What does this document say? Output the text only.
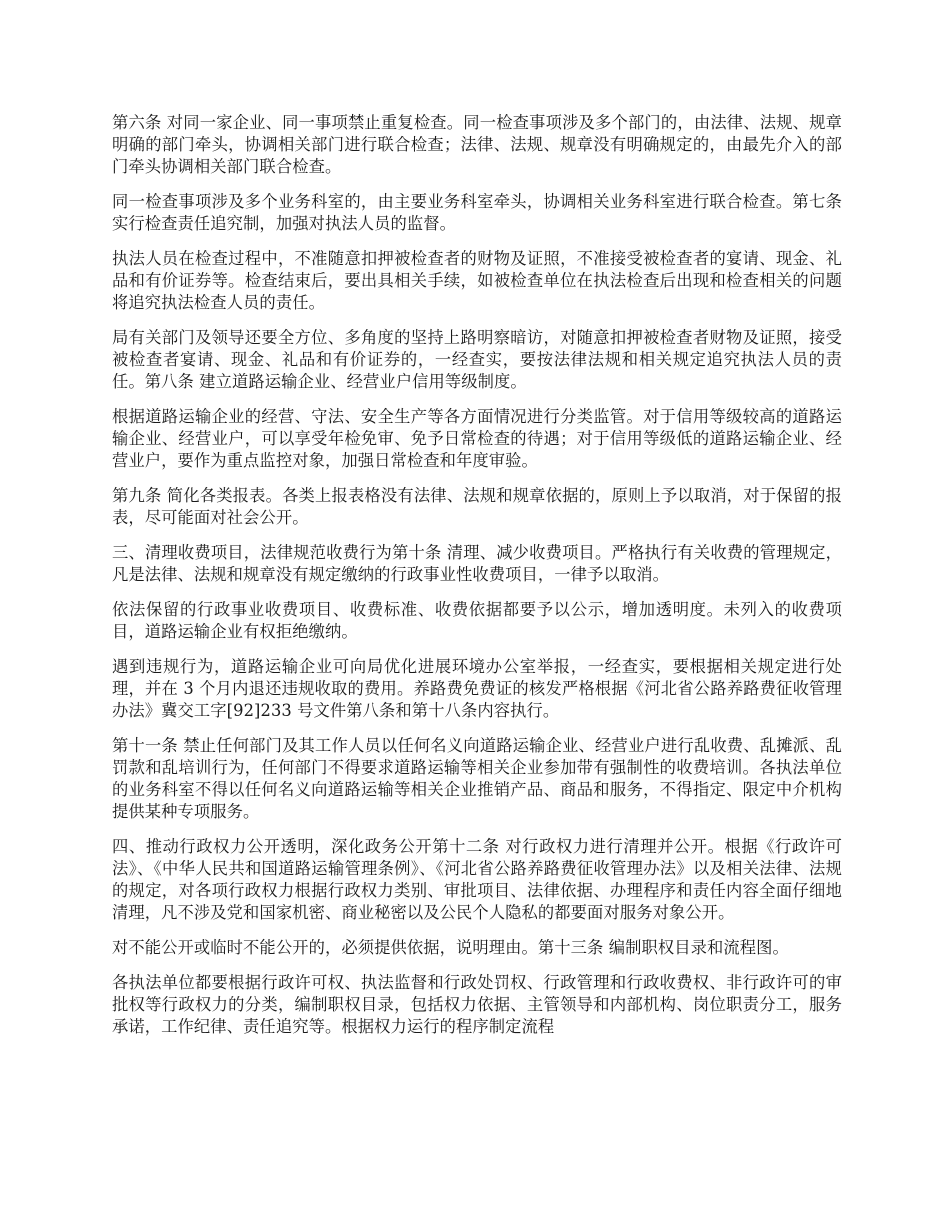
第六条 对同一家企业、同一事项禁止重复检查。同一检查事项涉及多个部门的，由法律、法规、规章明确的部门牵头，协调相关部门进行联合检查；法律、法规、规章没有明确规定的，由最先介入的部门牵头协调相关部门联合检查。

同一检查事项涉及多个业务科室的，由主要业务科室牵头，协调相关业务科室进行联合检查。第七条 实行检查责任追究制，加强对执法人员的监督。

执法人员在检查过程中，不准随意扣押被检查者的财物及证照，不准接受被检查者的宴请、现金、礼品和有价证券等。检查结束后，要出具相关手续，如被检查单位在执法检查后出现和检查相关的问题将追究执法检查人员的责任。

局有关部门及领导还要全方位、多角度的坚持上路明察暗访，对随意扣押被检查者财物及证照，接受被检查者宴请、现金、礼品和有价证券的，一经查实，要按法律法规和相关规定追究执法人员的责任。第八条 建立道路运输企业、经营业户信用等级制度。

根据道路运输企业的经营、守法、安全生产等各方面情况进行分类监管。对于信用等级较高的道路运输企业、经营业户，可以享受年检免审、免予日常检查的待遇；对于信用等级低的道路运输企业、经营业户，要作为重点监控对象，加强日常检查和年度审验。

第九条 简化各类报表。各类上报表格没有法律、法规和规章依据的，原则上予以取消，对于保留的报表，尽可能面对社会公开。

三、清理收费项目，法律规范收费行为第十条 清理、减少收费项目。严格执行有关收费的管理规定，凡是法律、法规和规章没有规定缴纳的行政事业性收费项目，一律予以取消。

依法保留的行政事业收费项目、收费标准、收费依据都要予以公示，增加透明度。未列入的收费项目，道路运输企业有权拒绝缴纳。

遇到违规行为，道路运输企业可向局优化进展环境办公室举报，一经查实，要根据相关规定进行处理，并在 3 个月内退还违规收取的费用。养路费免费证的核发严格根据《河北省公路养路费征收管理办法》冀交工字[92]233 号文件第八条和第十八条内容执行。

第十一条 禁止任何部门及其工作人员以任何名义向道路运输企业、经营业户进行乱收费、乱摊派、乱罚款和乱培训行为，任何部门不得要求道路运输等相关企业参加带有强制性的收费培训。各执法单位的业务科室不得以任何名义向道路运输等相关企业推销产品、商品和服务，不得指定、限定中介机构提供某种专项服务。

四、推动行政权力公开透明，深化政务公开第十二条 对行政权力进行清理并公开。根据《行政许可法》、《中华人民共和国道路运输管理条例》、《河北省公路养路费征收管理办法》以及相关法律、法规的规定，对各项行政权力根据行政权力类别、审批项目、法律依据、办理程序和责任内容全面仔细地清理，凡不涉及党和国家机密、商业秘密以及公民个人隐私的都要面对服务对象公开。

对不能公开或临时不能公开的，必须提供依据，说明理由。第十三条 编制职权目录和流程图。

各执法单位都要根据行政许可权、执法监督和行政处罚权、行政管理和行政收费权、非行政许可的审批权等行政权力的分类，编制职权目录，包括权力依据、主管领导和内部机构、岗位职责分工，服务承诺，工作纪律、责任追究等。根据权力运行的程序制定流程
